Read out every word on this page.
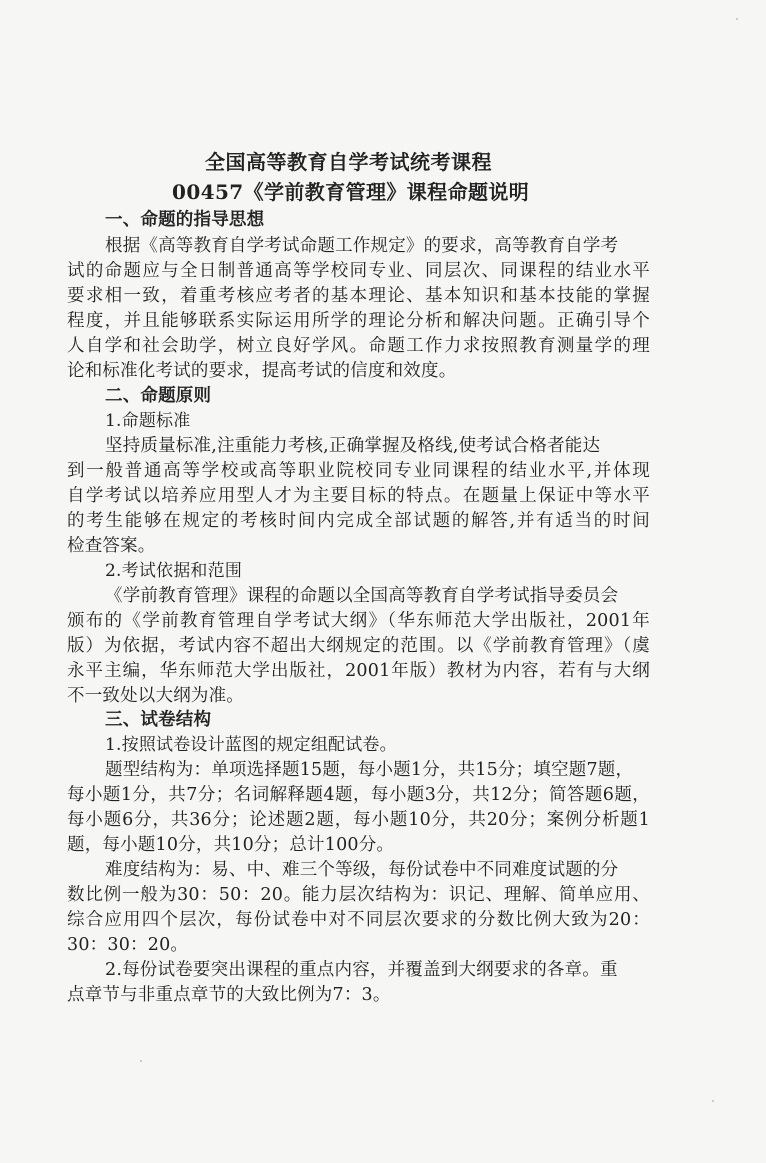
全国高等教育自学考试统考课程
00457《学前教育管理》课程命题说明
一、命题的指导思想
根据《高等教育自学考试命题工作规定》的要求，高等教育自学考
试的命题应与全日制普通高等学校同专业、同层次、同课程的结业水平
要求相一致，着重考核应考者的基本理论、基本知识和基本技能的掌握
程度，并且能够联系实际运用所学的理论分析和解决问题。正确引导个
人自学和社会助学，树立良好学风。命题工作力求按照教育测量学的理
论和标准化考试的要求，提高考试的信度和效度。
二、命题原则
1.命题标准
坚持质量标准,注重能力考核,正确掌握及格线,使考试合格者能达
到一般普通高等学校或高等职业院校同专业同课程的结业水平,并体现
自学考试以培养应用型人才为主要目标的特点。在题量上保证中等水平
的考生能够在规定的考核时间内完成全部试题的解答,并有适当的时间
检查答案。
2.考试依据和范围
《学前教育管理》课程的命题以全国高等教育自学考试指导委员会
颁布的《学前教育管理自学考试大纲》（华东师范大学出版社，2001年
版）为依据，考试内容不超出大纲规定的范围。以《学前教育管理》（虞
永平主编，华东师范大学出版社，2001年版）教材为内容，若有与大纲
不一致处以大纲为准。
三、试卷结构
1.按照试卷设计蓝图的规定组配试卷。
题型结构为：单项选择题15题，每小题1分，共15分；填空题7题，
每小题1分，共7分；名词解释题4题，每小题3分，共12分；简答题6题，
每小题6分，共36分；论述题2题，每小题10分，共20分；案例分析题1
题，每小题10分，共10分；总计100分。
难度结构为：易、中、难三个等级，每份试卷中不同难度试题的分
数比例一般为30：50：20。能力层次结构为：识记、理解、简单应用、
综合应用四个层次，每份试卷中对不同层次要求的分数比例大致为20：
30：30：20。
2.每份试卷要突出课程的重点内容，并覆盖到大纲要求的各章。重
点章节与非重点章节的大致比例为7：3。
